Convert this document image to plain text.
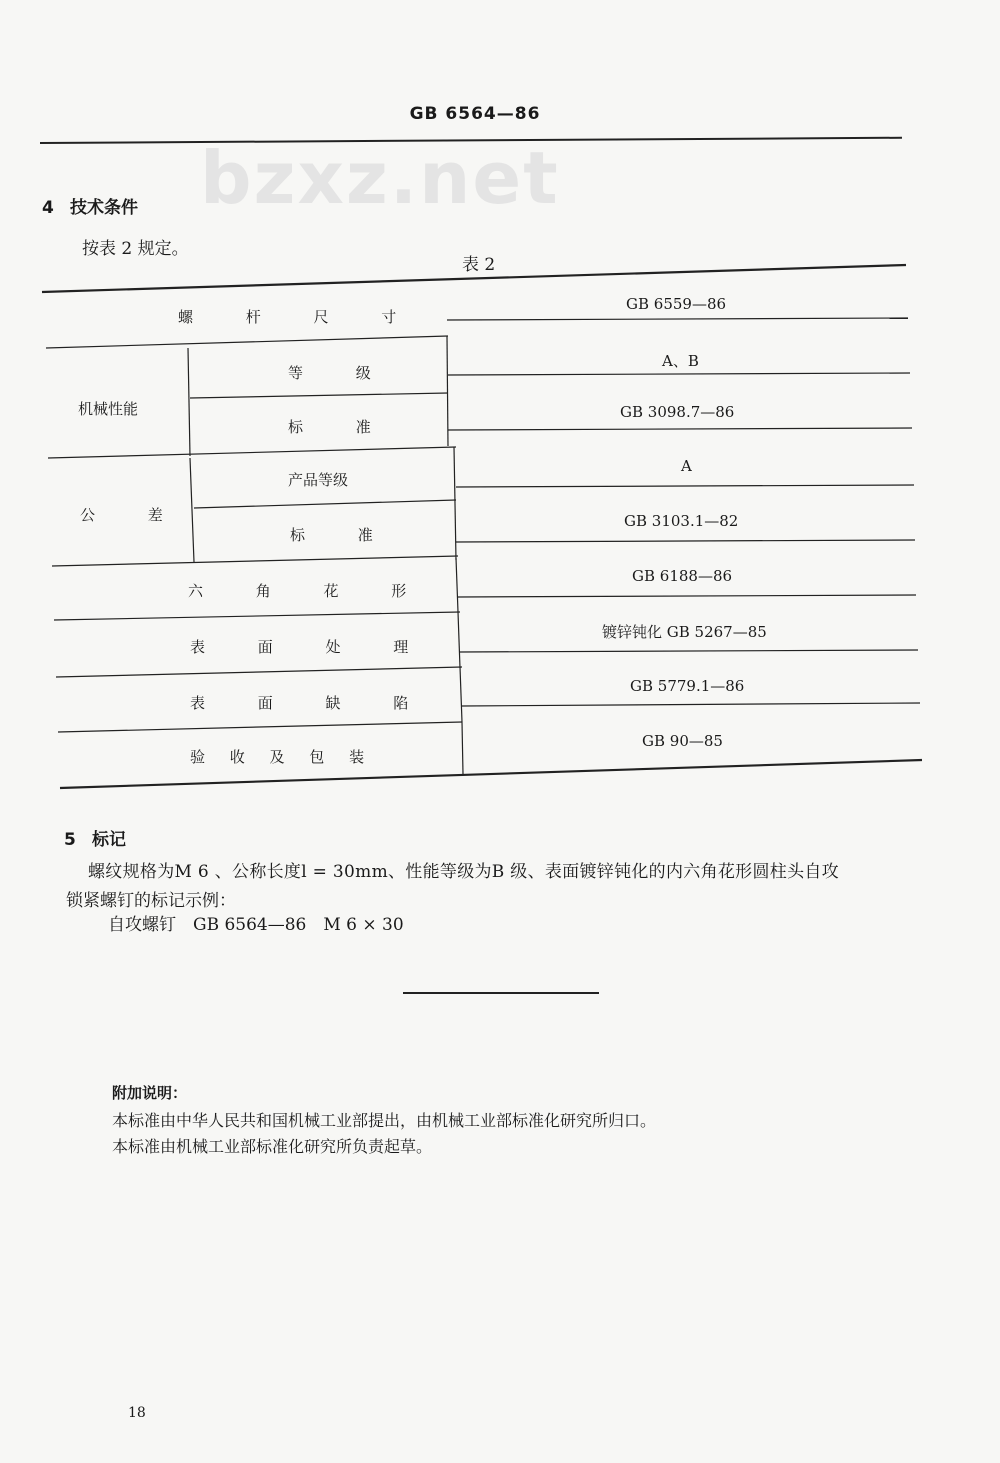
GB 6564—86
bzxz.net
4 技术条件
按表 2 规定。
表 2
螺 杆 尺 寸
GB 6559—86
机械性能
等 级
A、B
标 准
GB 3098.7—86
公 差
产品等级
A
标 准
GB 3103.1—82
六 角 花 形
GB 6188—86
表 面 处 理
镀锌钝化 GB 5267—85
表 面 缺 陷
GB 5779.1—86
验 收 及 包 装
GB 90—85
5 标记
螺纹规格为M 6 、公称长度l = 30mm、性能等级为B 级、表面镀锌钝化的内六角花形圆柱头自攻
锁紧螺钉的标记示例：
自攻螺钉　GB 6564—86　M 6 × 30
附加说明：
本标准由中华人民共和国机械工业部提出，由机械工业部标准化研究所归口。
本标准由机械工业部标准化研究所负责起草。
18
